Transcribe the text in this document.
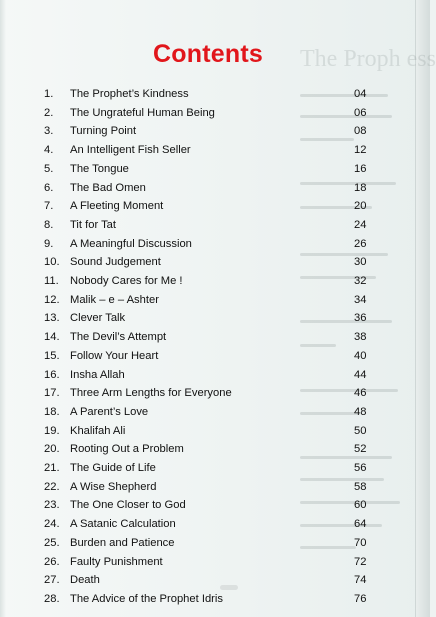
The Proph ess
Contents
1.	The Prophet’s Kindness	04
2.	The Ungrateful Human Being	06
3.	Turning Point	08
4.	An Intelligent Fish Seller	12
5.	The Tongue	16
6.	The Bad Omen	18
7.	A Fleeting Moment	20
8.	Tit for Tat	24
9.	A Meaningful Discussion	26
10. Sound Judgement	30
11.	Nobody Cares for Me !	32
12. Malik – e – Ashter	34
13. Clever Talk	36
14. The Devil’s Attempt	38
15. Follow Your Heart	40
16. Insha Allah	44
17. Three Arm Lengths for Everyone	46
18. A Parent’s Love	48
19. Khalifah Ali	50
20. Rooting Out a Problem	52
21. The Guide of Life	56
22. A Wise Shepherd	58
23. The One Closer to God	60
24. A Satanic Calculation	64
25. Burden and Patience	70
26. Faulty Punishment	72
27. Death	74
28. The Advice of the Prophet Idris	76
